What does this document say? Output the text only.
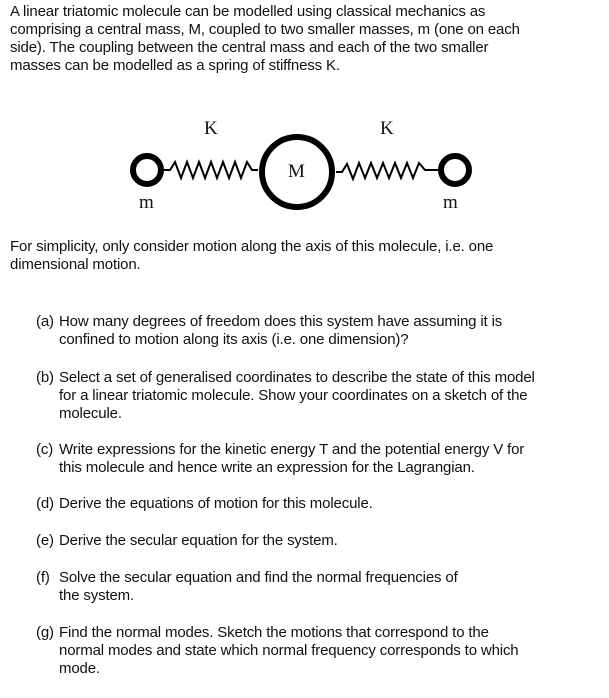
A linear triatomic molecule can be modelled using classical mechanics as
comprising a central mass, M, coupled to two smaller masses, m (one on each
side). The coupling between the central mass and each of the two smaller
masses can be modelled as a spring of stiffness K.
K	K
M
m	m
For simplicity, only consider motion along the axis of this molecule, i.e. one
dimensional motion.
(a) How many degrees of freedom does this system have assuming it is
confined to motion along its axis (i.e. one dimension)?
(b) Select a set of generalised coordinates to describe the state of this model
for a linear triatomic molecule. Show your coordinates on a sketch of the
molecule.
(c) Write expressions for the kinetic energy T and the potential energy V for
this molecule and hence write an expression for the Lagrangian.
(d) Derive the equations of motion for this molecule.
(e) Derive the secular equation for the system.
(f) Solve the secular equation and find the normal frequencies of
the system.
(g) Find the normal modes. Sketch the motions that correspond to the
normal modes and state which normal frequency corresponds to which
mode.
